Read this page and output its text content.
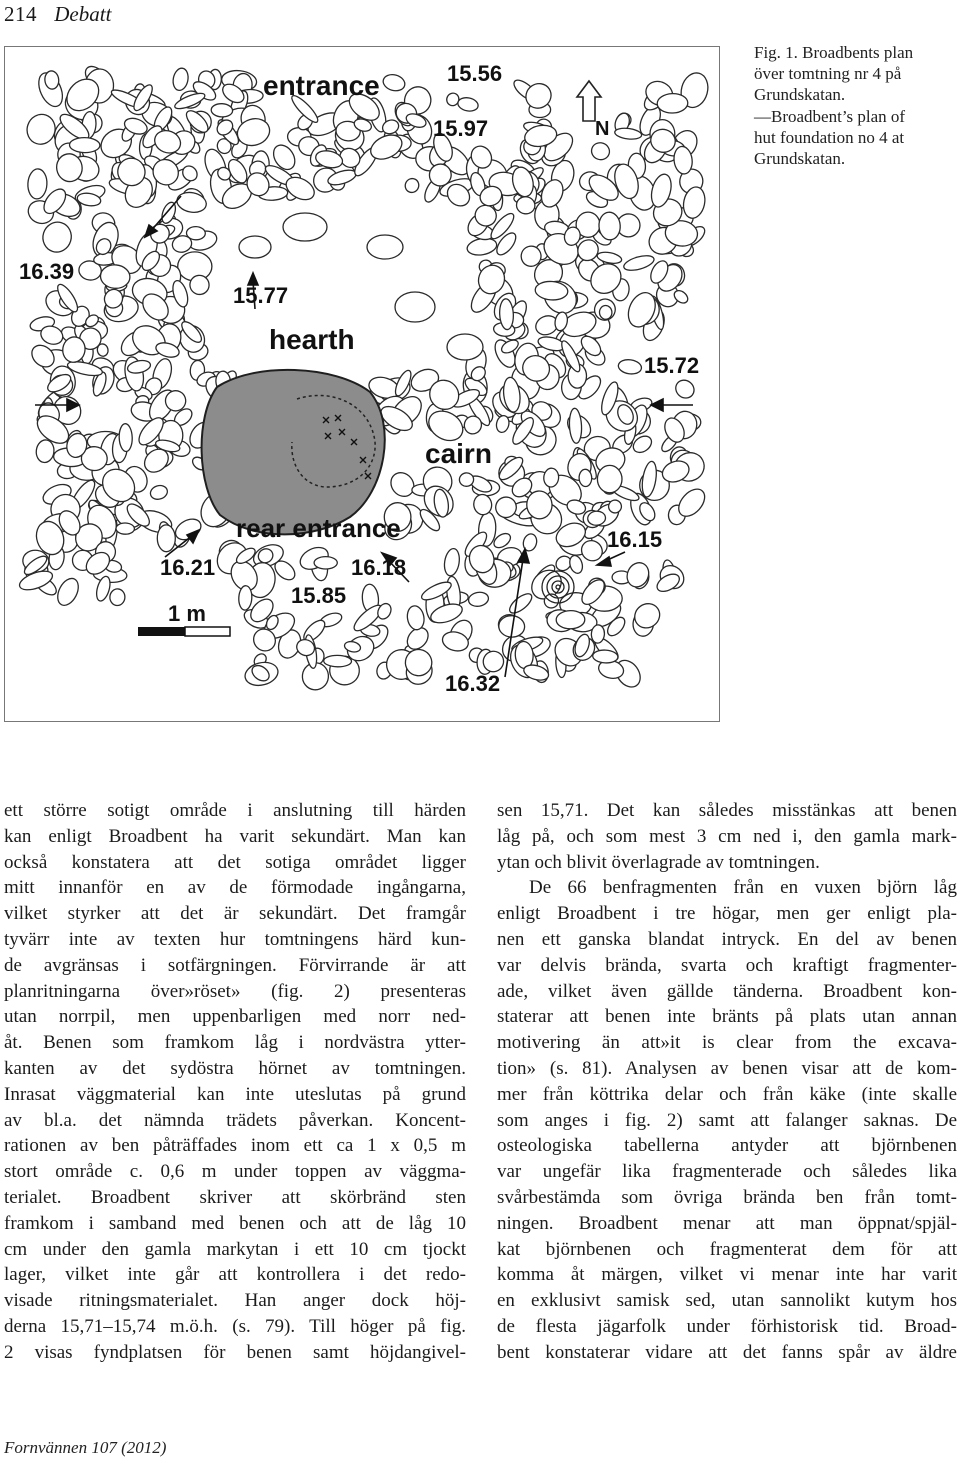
214 Debatt
entrance
hearth
cairn
rear entrance
N
1 m
15.56
15.97
16.39
15.77
15.72
16.15
16.21	16.18
15.85
16.32
Fig. 1. Broadbents plan
över tomtning nr 4 på
Grundskatan.
—Broadbent’s plan of
hut foundation no 4 at
Grundskatan.
ett större sotigt område i anslutning till härden
kan enligt Broadbent ha varit sekundärt. Man kan
också konstatera att det sotiga området ligger
mitt innanför en av de förmodade ingångarna,
vilket styrker att det är sekundärt. Det framgår
tyvärr inte av texten hur tomtningens härd kun-
de avgränsas i sotfärgningen. Förvirrande är att
planritningarna över»röset» (fig. 2) presenteras
utan norrpil, men uppenbarligen med norr ned-
åt. Benen som framkom låg i nordvästra ytter-
kanten av det sydöstra hörnet av tomtningen.
Inrasat väggmaterial kan inte uteslutas på grund
av bl.a. det nämnda trädets påverkan. Koncent-
rationen av ben påträffades inom ett ca 1 x 0,5 m
stort område c. 0,6 m under toppen av väggma-
terialet. Broadbent skriver att skörbränd sten
framkom i samband med benen och att de låg 10
cm under den gamla markytan i ett 10 cm tjockt
lager, vilket inte går att kontrollera i det redo-
visade ritningsmaterialet. Han anger dock höj-
derna 15,71–15,74 m.ö.h. (s. 79). Till höger på fig.
2 visas fyndplatsen för benen samt höjdangivel-
sen 15,71. Det kan således misstänkas att benen
låg på, och som mest 3 cm ned i, den gamla mark-
ytan och blivit överlagrade av tomtningen.
De 66 benfragmenten från en vuxen björn låg
enligt Broadbent i tre högar, men ger enligt pla-
nen ett ganska blandat intryck. En del av benen
var delvis brända, svarta och kraftigt fragmenter-
ade, vilket även gällde tänderna. Broadbent kon-
staterar att benen inte bränts på plats utan annan
motivering än att»it is clear from the excava-
tion» (s. 81). Analysen av benen visar att de kom-
mer från köttrika delar och från käke (inte skalle
som anges i fig. 2) samt att falanger saknas. De
osteologiska tabellerna antyder att björnbenen
var ungefär lika fragmenterade och således lika
svårbestämda som övriga brända ben från tomt-
ningen. Broadbent menar att man öppnat/spjäl-
kat björnbenen och fragmenterat dem för att
komma åt märgen, vilket vi menar inte har varit
en exklusivt samisk sed, utan sannolikt kutym hos
de flesta jägarfolk under förhistorisk tid. Broad-
bent konstaterar vidare att det fanns spår av äldre
Fornvännen 107 (2012)
